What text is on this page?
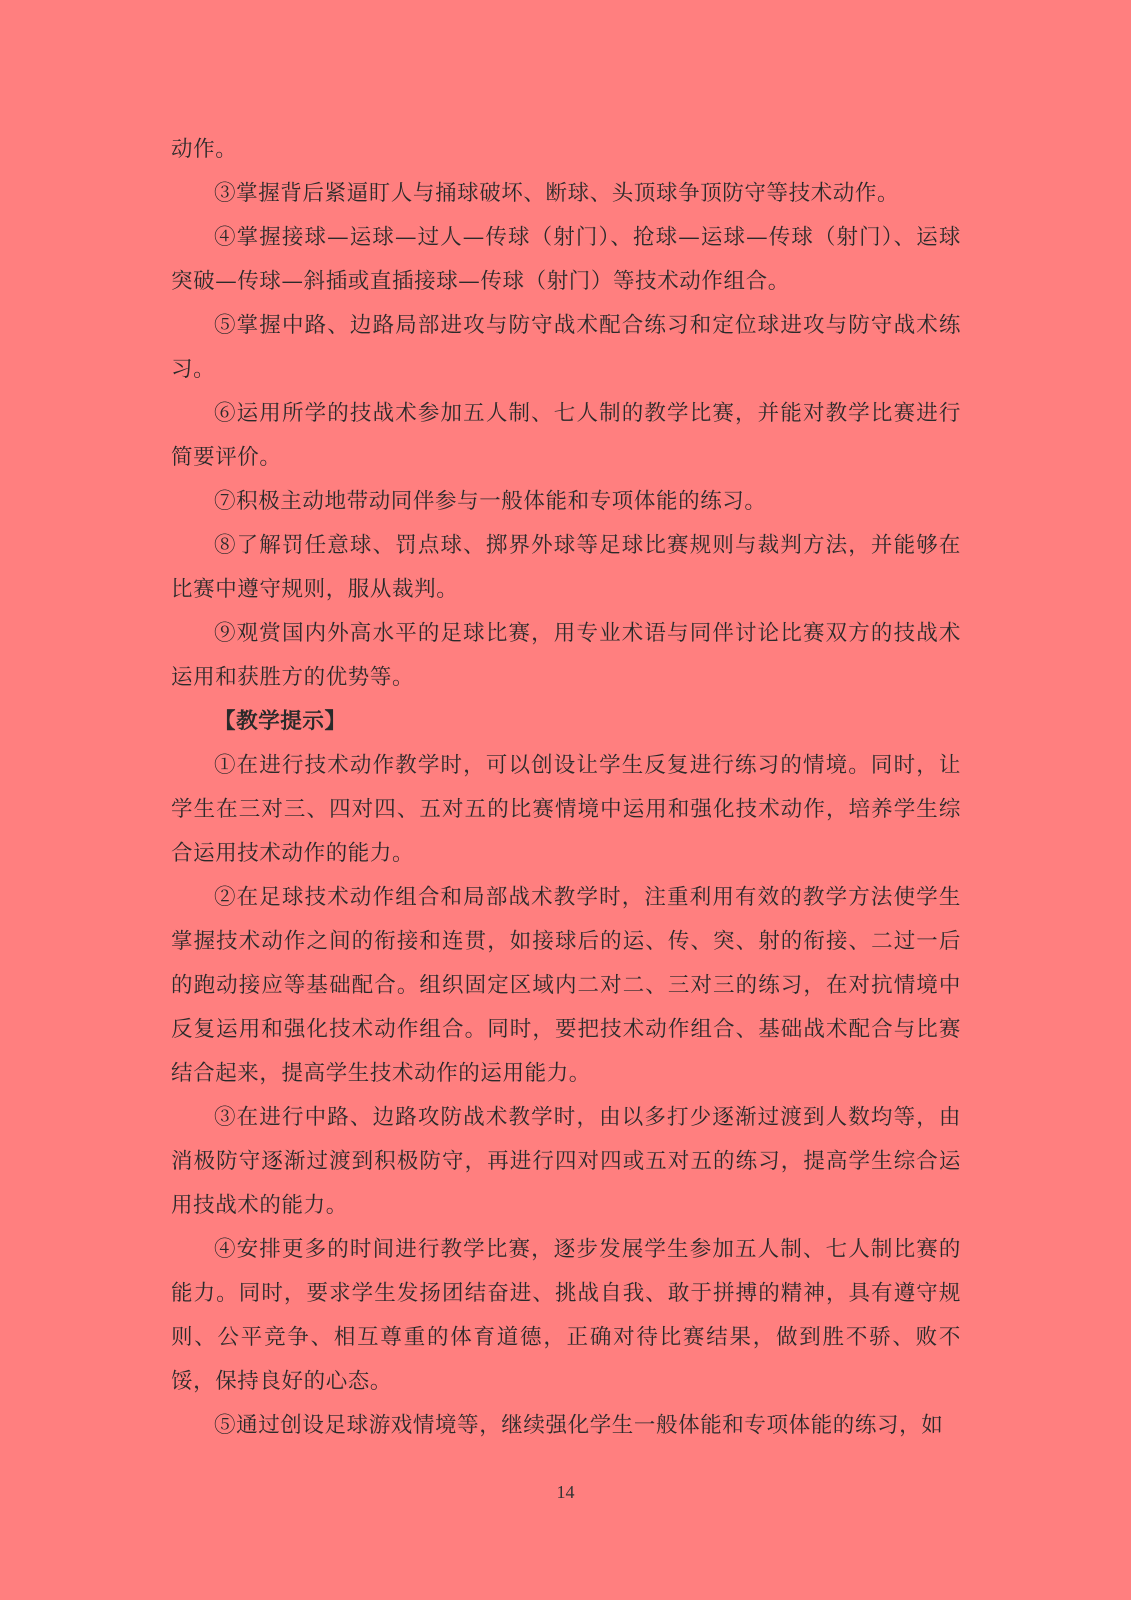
动作。

③掌握背后紧逼盯人与捅球破坏、断球、头顶球争顶防守等技术动作。

④掌握接球—运球—过人—传球（射门）、抢球—运球—传球（射门）、运球突破—传球—斜插或直插接球—传球（射门）等技术动作组合。

⑤掌握中路、边路局部进攻与防守战术配合练习和定位球进攻与防守战术练习。

⑥运用所学的技战术参加五人制、七人制的教学比赛，并能对教学比赛进行简要评价。

⑦积极主动地带动同伴参与一般体能和专项体能的练习。

⑧了解罚任意球、罚点球、掷界外球等足球比赛规则与裁判方法，并能够在比赛中遵守规则，服从裁判。

⑨观赏国内外高水平的足球比赛，用专业术语与同伴讨论比赛双方的技战术运用和获胜方的优势等。

【教学提示】

①在进行技术动作教学时，可以创设让学生反复进行练习的情境。同时，让学生在三对三、四对四、五对五的比赛情境中运用和强化技术动作，培养学生综合运用技术动作的能力。

②在足球技术动作组合和局部战术教学时，注重利用有效的教学方法使学生掌握技术动作之间的衔接和连贯，如接球后的运、传、突、射的衔接、二过一后的跑动接应等基础配合。组织固定区域内二对二、三对三的练习，在对抗情境中反复运用和强化技术动作组合。同时，要把技术动作组合、基础战术配合与比赛结合起来，提高学生技术动作的运用能力。

③在进行中路、边路攻防战术教学时，由以多打少逐渐过渡到人数均等，由消极防守逐渐过渡到积极防守，再进行四对四或五对五的练习，提高学生综合运用技战术的能力。

④安排更多的时间进行教学比赛，逐步发展学生参加五人制、七人制比赛的能力。同时，要求学生发扬团结奋进、挑战自我、敢于拼搏的精神，具有遵守规则、公平竞争、相互尊重的体育道德，正确对待比赛结果，做到胜不骄、败不馁，保持良好的心态。

⑤通过创设足球游戏情境等，继续强化学生一般体能和专项体能的练习，如

14
